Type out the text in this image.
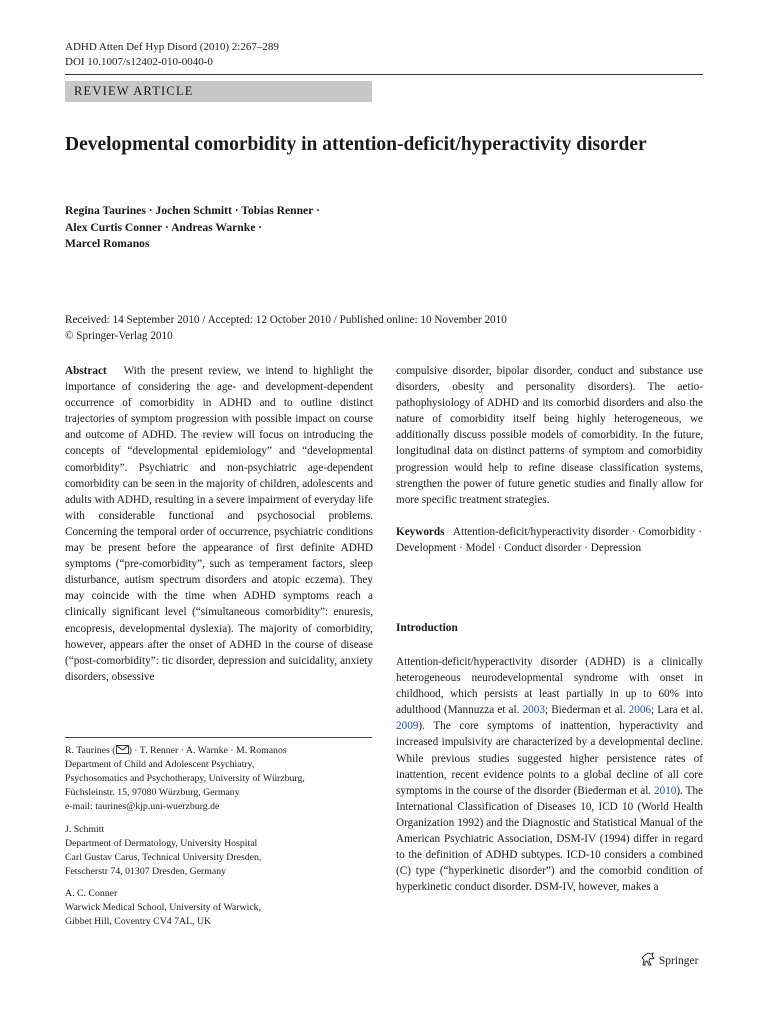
ADHD Atten Def Hyp Disord (2010) 2:267–289
DOI 10.1007/s12402-010-0040-0
REVIEW ARTICLE
Developmental comorbidity in attention-deficit/hyperactivity disorder
Regina Taurines · Jochen Schmitt · Tobias Renner ·
Alex Curtis Conner · Andreas Warnke ·
Marcel Romanos
Received: 14 September 2010 / Accepted: 12 October 2010 / Published online: 10 November 2010
© Springer-Verlag 2010

Abstract With the present review, we intend to highlight the importance of considering the age- and development-dependent occurrence of comorbidity in ADHD and to outline distinct trajectories of symptom progression with possible impact on course and outcome of ADHD. The review will focus on introducing the concepts of “developmental epidemiology” and “developmental comorbidity”. Psychiatric and non-psychiatric age-dependent comorbidity can be seen in the majority of children, adolescents and adults with ADHD, resulting in a severe impairment of everyday life with considerable functional and psychosocial problems. Concerning the temporal order of occurrence, psychiatric conditions may be present before the appearance of first definite ADHD symptoms (“pre-comorbidity”, such as temperament factors, sleep disturbance, autism spectrum disorders and atopic eczema). They may coincide with the time when ADHD symptoms reach a clinically significant level (“simultaneous comorbidity”: enuresis, encopresis, developmental dyslexia). The majority of comorbidity, however, appears after the onset of ADHD in the course of disease (“post-comorbidity”: tic disorder, depression and suicidality, anxiety disorders, obsessive

compulsive disorder, bipolar disorder, conduct and substance use disorders, obesity and personality disorders). The aetio-pathophysiology of ADHD and its comorbid disorders and also the nature of comorbidity itself being highly heterogeneous, we additionally discuss possible models of comorbidity. In the future, longitudinal data on distinct patterns of symptom and comorbidity progression would help to refine disease classification systems, strengthen the power of future genetic studies and finally allow for more specific treatment strategies.

Keywords Attention-deficit/hyperactivity disorder · Comorbidity · Development · Model · Conduct disorder · Depression

R. Taurines ( ) · T. Renner · A. Warnke · M. Romanos

Department of Child and Adolescent Psychiatry,

Psychosomatics and Psychotherapy, University of Würzburg,

Füchsleinstr. 15, 97080 Würzburg, Germany

e-mail: taurines@kjp.uni-wuerzburg.de

J. Schmitt

Department of Dermatology, University Hospital

Carl Gustav Carus, Technical University Dresden,

Fetscherstr 74, 01307 Dresden, Germany

A. C. Conner

Warwick Medical School, University of Warwick,

Gibbet Hill, Coventry CV4 7AL, UK

Introduction

Attention-deficit/hyperactivity disorder (ADHD) is a clinically heterogeneous neurodevelopmental syndrome with onset in childhood, which persists at least partially in up to 60% into adulthood (Mannuzza et al. 2003; Biederman et al. 2006; Lara et al. 2009). The core symptoms of inattention, hyperactivity and increased impulsivity are characterized by a developmental decline. While previous studies suggested higher persistence rates of inattention, recent evidence points to a global decline of all core symptoms in the course of the disorder (Biederman et al. 2010). The International Classification of Diseases 10, ICD 10 (World Health Organization 1992) and the Diagnostic and Statistical Manual of the American Psychiatric Association, DSM-IV (1994) differ in regard to the definition of ADHD subtypes. ICD-10 considers a combined (C) type (“hyperkinetic disorder”) and the comorbid condition of hyperkinetic conduct disorder. DSM-IV, however, makes a

Springer
